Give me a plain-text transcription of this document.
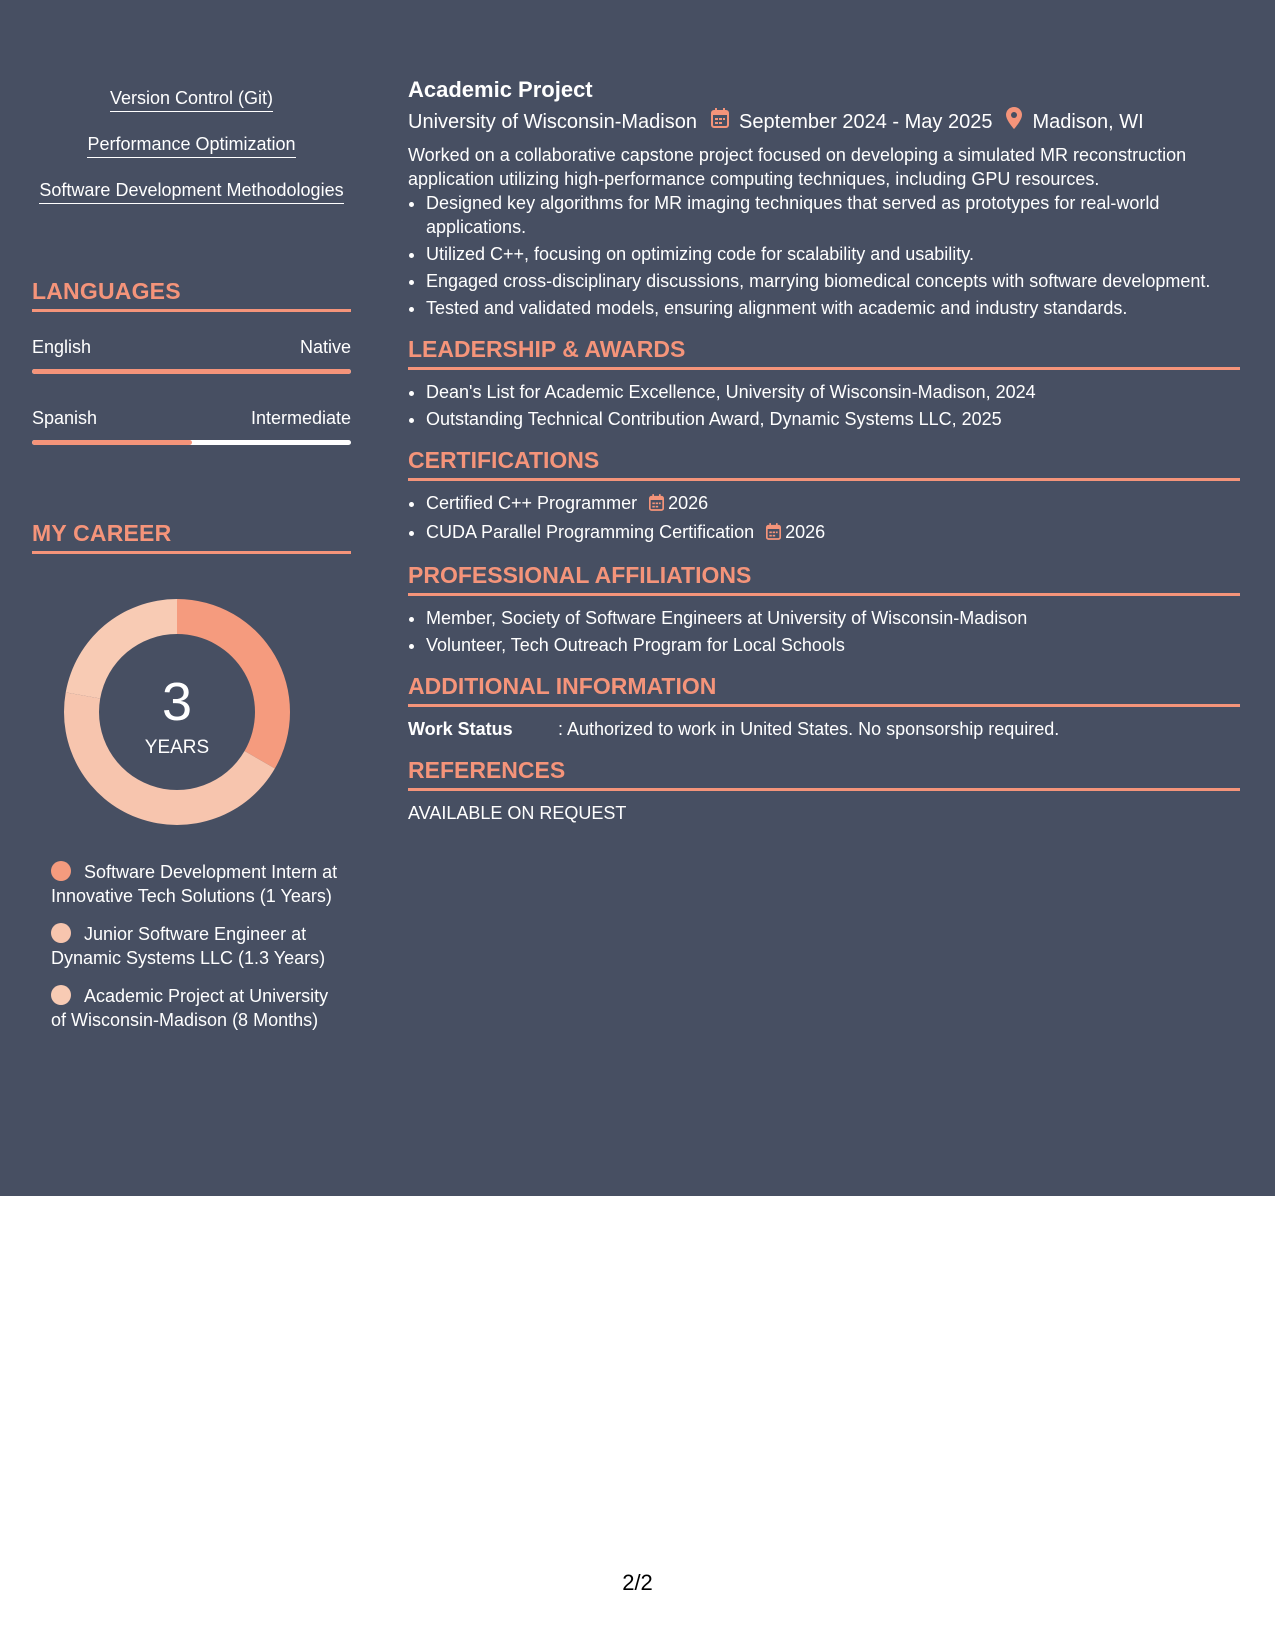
Version Control (Git)
Performance Optimization
Software Development Methodologies
LANGUAGES
English	Native
Spanish	Intermediate
MY CAREER
3
YEARS
Software Development Intern at Innovative Tech Solutions (1 Years)
Junior Software Engineer at Dynamic Systems LLC (1.3 Years)
Academic Project at University of Wisconsin-Madison (8 Months)
Academic Project
University of Wisconsin-Madison September 2024 - May 2025 Madison, WI
Worked on a collaborative capstone project focused on developing a simulated MR reconstruction application utilizing high-performance computing techniques, including GPU resources.
• Designed key algorithms for MR imaging techniques that served as prototypes for real-world applications.
• Utilized C++, focusing on optimizing code for scalability and usability.
• Engaged cross-disciplinary discussions, marrying biomedical concepts with software development.
• Tested and validated models, ensuring alignment with academic and industry standards.
LEADERSHIP & AWARDS
• Dean's List for Academic Excellence, University of Wisconsin-Madison, 2024
• Outstanding Technical Contribution Award, Dynamic Systems LLC, 2025
CERTIFICATIONS
• Certified C++ Programmer 2026
• CUDA Parallel Programming Certification 2026
PROFESSIONAL AFFILIATIONS
• Member, Society of Software Engineers at University of Wisconsin-Madison
• Volunteer, Tech Outreach Program for Local Schools
ADDITIONAL INFORMATION
Work Status	: Authorized to work in United States. No sponsorship required.
REFERENCES
AVAILABLE ON REQUEST
2/2
